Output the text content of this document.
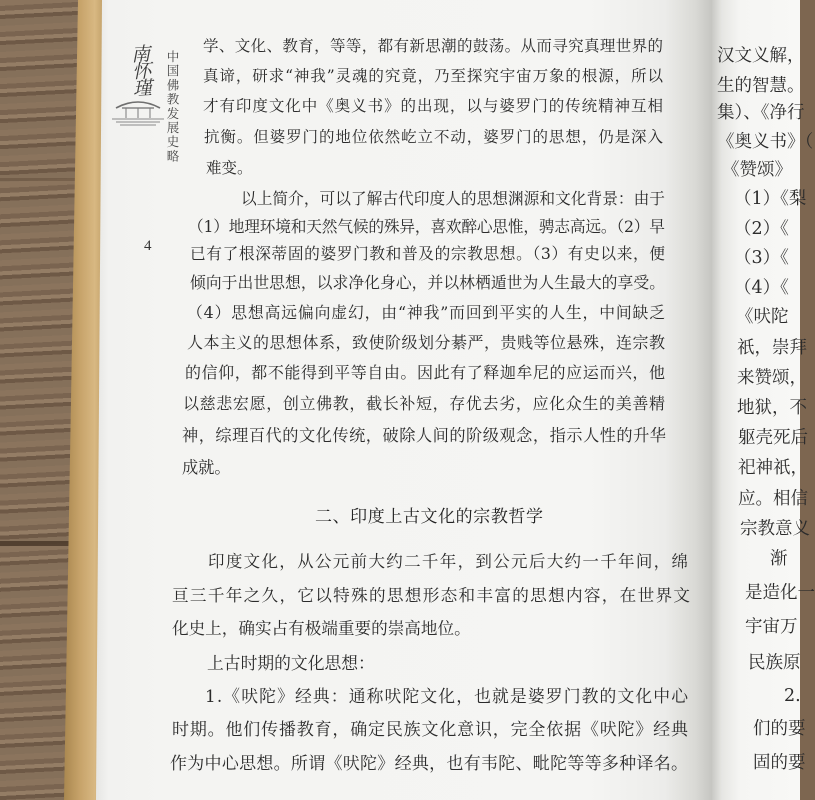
汉文义解，
生的智慧。
集）、《净行
《奥义书》（
《赞颂》
（1）《梨
（2）《
（3）《
（4）《
《吠陀
祇，崇拜
来赞颂，
地狱，不
躯壳死后
祀神祇，
应。相信
宗教意义
渐
是造化一
宇宙万
民族原
2.
们的要
固的要
南怀瑾 中国佛教发展史略
4
学、文化、教育，等等，都有新思潮的鼓荡。从而寻究真理世界的
真谛，研求“神我”灵魂的究竟，乃至探究宇宙万象的根源，所以
才有印度文化中《奥义书》的出现，以与婆罗门的传统精神互相
抗衡。但婆罗门的地位依然屹立不动，婆罗门的思想，仍是深入
难变。
以上简介，可以了解古代印度人的思想渊源和文化背景：由于
（1）地理环境和天然气候的殊异，喜欢醉心思惟，骋志高远。（2）早
已有了根深蒂固的婆罗门教和普及的宗教思想。（3）有史以来，便
倾向于出世思想，以求净化身心，并以林栖遁世为人生最大的享受。
（4）思想高远偏向虚幻，由“神我”而回到平实的人生，中间缺乏
人本主义的思想体系，致使阶级划分綦严，贵贱等位悬殊，连宗教
的信仰，都不能得到平等自由。因此有了释迦牟尼的应运而兴，他
以慈悲宏愿，创立佛教，截长补短，存优去劣，应化众生的美善精
神，综理百代的文化传统，破除人间的阶级观念，指示人性的升华
成就。
二、印度上古文化的宗教哲学
印度文化，从公元前大约二千年，到公元后大约一千年间，绵
亘三千年之久，它以特殊的思想形态和丰富的思想内容，在世界文
化史上，确实占有极端重要的崇高地位。
上古时期的文化思想：
1.《吠陀》经典：通称吠陀文化，也就是婆罗门教的文化中心
时期。他们传播教育，确定民族文化意识，完全依据《吠陀》经典
作为中心思想。所谓《吠陀》经典，也有韦陀、毗陀等等多种译名。
